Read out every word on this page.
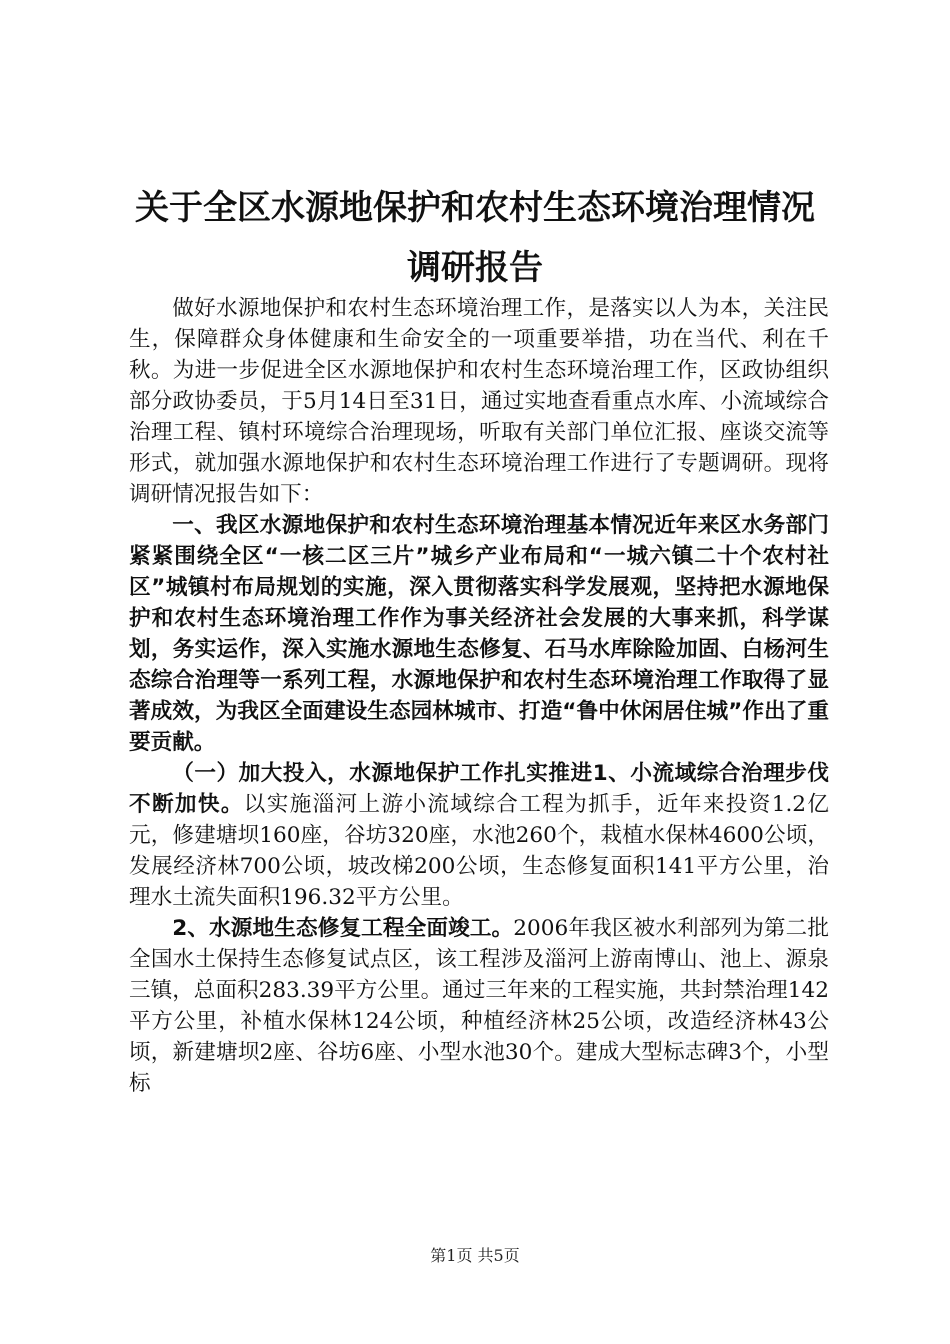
关于全区水源地保护和农村生态环境治理情况
调研报告

做好水源地保护和农村生态环境治理工作，是落实以人为本，关注民生，保障群众身体健康和生命安全的一项重要举措，功在当代、利在千秋。为进一步促进全区水源地保护和农村生态环境治理工作，区政协组织部分政协委员，于5月14日至31日，通过实地查看重点水库、小流域综合治理工程、镇村环境综合治理现场，听取有关部门单位汇报、座谈交流等形式，就加强水源地保护和农村生态环境治理工作进行了专题调研。现将调研情况报告如下：

一、我区水源地保护和农村生态环境治理基本情况近年来区水务部门紧紧围绕全区“一核二区三片”城乡产业布局和“一城六镇二十个农村社区”城镇村布局规划的实施，深入贯彻落实科学发展观，坚持把水源地保护和农村生态环境治理工作作为事关经济社会发展的大事来抓，科学谋划，务实运作，深入实施水源地生态修复、石马水库除险加固、白杨河生态综合治理等一系列工程，水源地保护和农村生态环境治理工作取得了显著成效，为我区全面建设生态园林城市、打造“鲁中休闲居住城”作出了重要贡献。

（一）加大投入，水源地保护工作扎实推进1、小流域综合治理步伐不断加快。以实施淄河上游小流域综合工程为抓手，近年来投资1.2亿元，修建塘坝160座，谷坊320座，水池260个，栽植水保林4600公顷，发展经济林700公顷，坡改梯200公顷，生态修复面积141平方公里，治理水土流失面积196.32平方公里。

2、水源地生态修复工程全面竣工。2006年我区被水利部列为第二批全国水土保持生态修复试点区，该工程涉及淄河上游南博山、池上、源泉三镇，总面积283.39平方公里。通过三年来的工程实施，共封禁治理142平方公里，补植水保林124公顷，种植经济林25公顷，改造经济林43公顷，新建塘坝2座、谷坊6座、小型水池30个。建成大型标志碑3个，小型标

第1页 共5页
